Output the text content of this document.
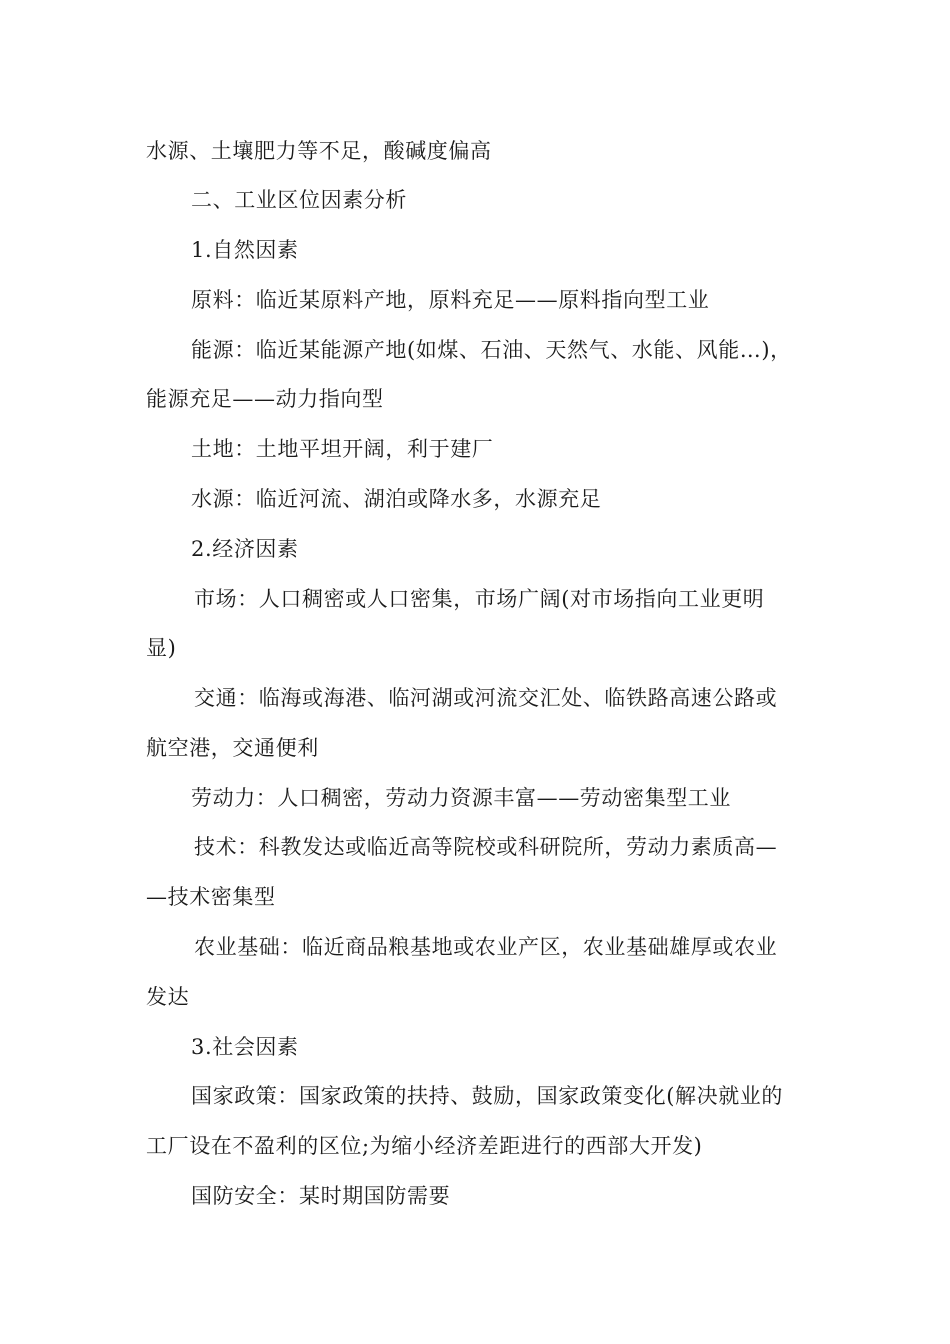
水源、土壤肥力等不足，酸碱度偏高
二、工业区位因素分析
1.自然因素
原料：临近某原料产地，原料充足——原料指向型工业
能源：临近某能源产地(如煤、石油、天然气、水能、风能…)，
能源充足——动力指向型
土地：土地平坦开阔，利于建厂
水源：临近河流、湖泊或降水多，水源充足
2.经济因素
市场：人口稠密或人口密集，市场广阔(对市场指向工业更明
显)
交通：临海或海港、临河湖或河流交汇处、临铁路高速公路或
航空港，交通便利
劳动力：人口稠密，劳动力资源丰富——劳动密集型工业
技术：科教发达或临近高等院校或科研院所，劳动力素质高—
—技术密集型
农业基础：临近商品粮基地或农业产区，农业基础雄厚或农业
发达
3.社会因素
国家政策：国家政策的扶持、鼓励，国家政策变化(解决就业的
工厂设在不盈利的区位;为缩小经济差距进行的西部大开发)
国防安全：某时期国防需要
